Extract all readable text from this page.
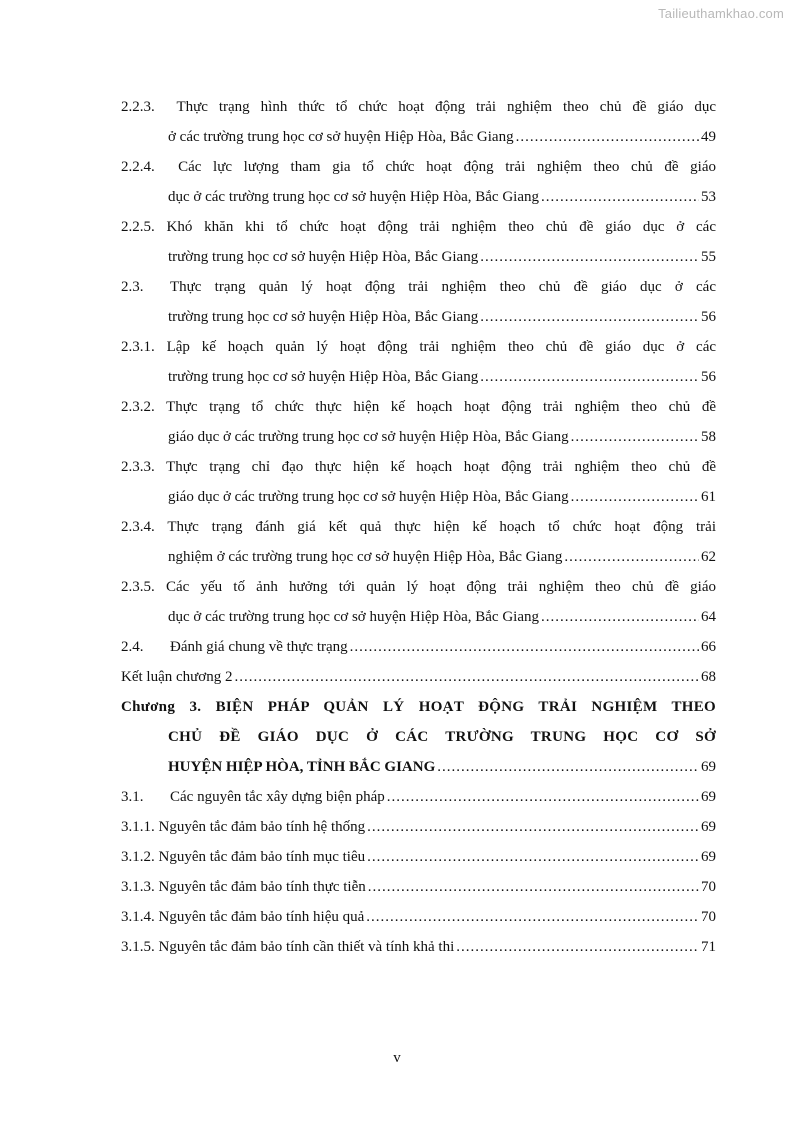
Tailieuthamkhao.com
2.2.3. Thực trạng hình thức tổ chức hoạt động trải nghiệm theo chủ đề giáo dục
ở các trường trung học cơ sở huyện Hiệp Hòa, Bắc Giang .....	49
2.2.4. Các lực lượng tham gia tổ chức hoạt động trải nghiệm theo chủ đề giáo
dục ở các trường trung học cơ sở huyện Hiệp Hòa, Bắc Giang .....	53
2.2.5. Khó khăn khi tổ chức hoạt động trải nghiệm theo chủ đề giáo dục ở các
trường trung học cơ sở huyện Hiệp Hòa, Bắc Giang .....	55
2.3. Thực trạng quản lý hoạt động trải nghiệm theo chủ đề giáo dục ở các
trường trung học cơ sở huyện Hiệp Hòa, Bắc Giang .....	56
2.3.1. Lập kế hoạch quản lý hoạt động trải nghiệm theo chủ đề giáo dục ở các
trường trung học cơ sở huyện Hiệp Hòa, Bắc Giang .....	56
2.3.2. Thực trạng tổ chức thực hiện kế hoạch hoạt động trải nghiệm theo chủ đề
giáo dục ở các trường trung học cơ sở huyện Hiệp Hòa, Bắc Giang .....	58
2.3.3. Thực trạng chỉ đạo thực hiện kế hoạch hoạt động trải nghiệm theo chủ đề
giáo dục ở các trường trung học cơ sở huyện Hiệp Hòa, Bắc Giang .....	61
2.3.4. Thực trạng đánh giá kết quả thực hiện kế hoạch tổ chức hoạt động trải
nghiệm ở các trường trung học cơ sở huyện Hiệp Hòa, Bắc Giang .....	62
2.3.5. Các yếu tố ảnh hưởng tới quản lý hoạt động trải nghiệm theo chủ đề giáo
dục ở các trường trung học cơ sở huyện Hiệp Hòa, Bắc Giang .....	64
2.4. Đánh giá chung về thực trạng .....	66
Kết luận chương 2 .....	68
Chương 3. BIỆN PHÁP QUẢN LÝ HOẠT ĐỘNG TRẢI NGHIỆM THEO
CHỦ ĐỀ GIÁO DỤC Ở CÁC TRƯỜNG TRUNG HỌC CƠ SỞ
HUYỆN HIỆP HÒA, TỈNH BẮC GIANG .....	69
3.1. Các nguyên tắc xây dựng biện pháp .....	69
3.1.1. Nguyên tắc đảm bảo tính hệ thống .....	69
3.1.2. Nguyên tắc đảm bảo tính mục tiêu .....	69
3.1.3. Nguyên tắc đảm bảo tính thực tiễn .....	70
3.1.4. Nguyên tắc đảm bảo tính hiệu quả .....	70
3.1.5. Nguyên tắc đảm bảo tính cần thiết và tính khả thi .....	71
v
